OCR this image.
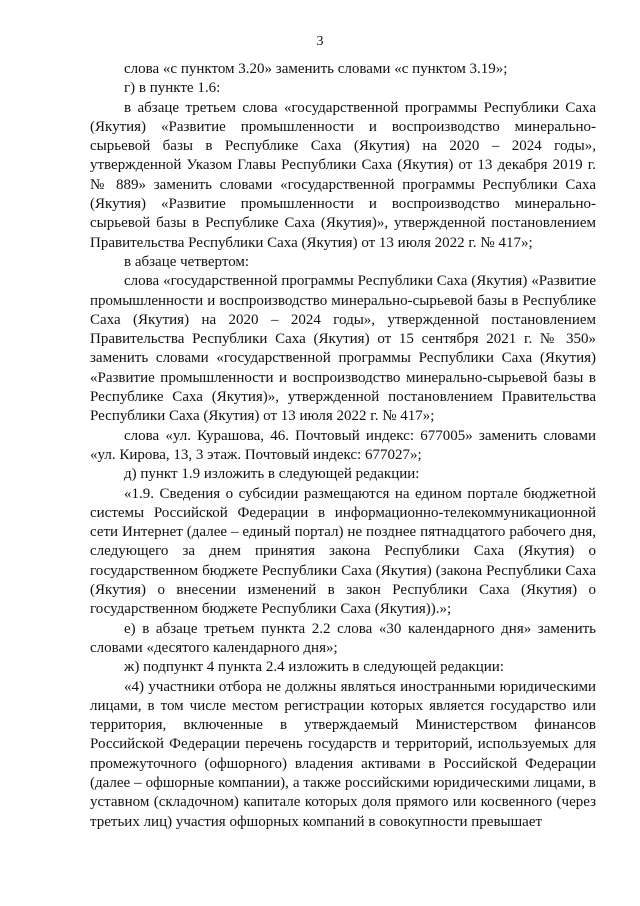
3

слова «с пунктом 3.20» заменить словами «с пунктом 3.19»;

г) в пункте 1.6:

в абзаце третьем слова «государственной программы Республики Саха (Якутия) «Развитие промышленности и воспроизводство минерально-сырьевой базы в Республике Саха (Якутия) на 2020 – 2024 годы», утвержденной Указом Главы Республики Саха (Якутия) от 13 декабря 2019 г. № 889» заменить словами «государственной программы Республики Саха (Якутия) «Развитие промышленности и воспроизводство минерально-сырьевой базы в Республике Саха (Якутия)», утвержденной постановлением Правительства Республики Саха (Якутия) от 13 июля 2022 г. № 417»;

в абзаце четвертом:

слова «государственной программы Республики Саха (Якутия) «Развитие промышленности и воспроизводство минерально-сырьевой базы в Республике Саха (Якутия) на 2020 – 2024 годы», утвержденной постановлением Правительства Республики Саха (Якутия) от 15 сентября 2021 г. № 350» заменить словами «государственной программы Республики Саха (Якутия) «Развитие промышленности и воспроизводство минерально-сырьевой базы в Республике Саха (Якутия)», утвержденной постановлением Правительства Республики Саха (Якутия) от 13 июля 2022 г. № 417»;

слова «ул. Курашова, 46. Почтовый индекс: 677005» заменить словами «ул. Кирова, 13, 3 этаж. Почтовый индекс: 677027»;

д) пункт 1.9 изложить в следующей редакции:

«1.9. Сведения о субсидии размещаются на едином портале бюджетной системы Российской Федерации в информационно-телекоммуникационной сети Интернет (далее – единый портал) не позднее пятнадцатого рабочего дня, следующего за днем принятия закона Республики Саха (Якутия) о государственном бюджете Республики Саха (Якутия) (закона Республики Саха (Якутия) о внесении изменений в закон Республики Саха (Якутия) о государственном бюджете Республики Саха (Якутия)).»;

е) в абзаце третьем пункта 2.2 слова «30 календарного дня» заменить словами «десятого календарного дня»;

ж) подпункт 4 пункта 2.4 изложить в следующей редакции:

«4) участники отбора не должны являться иностранными юридическими лицами, в том числе местом регистрации которых является государство или территория, включенные в утверждаемый Министерством финансов Российской Федерации перечень государств и территорий, используемых для промежуточного (офшорного) владения активами в Российской Федерации (далее – офшорные компании), а также российскими юридическими лицами, в уставном (складочном) капитале которых доля прямого или косвенного (через третьих лиц) участия офшорных компаний в совокупности превышает
